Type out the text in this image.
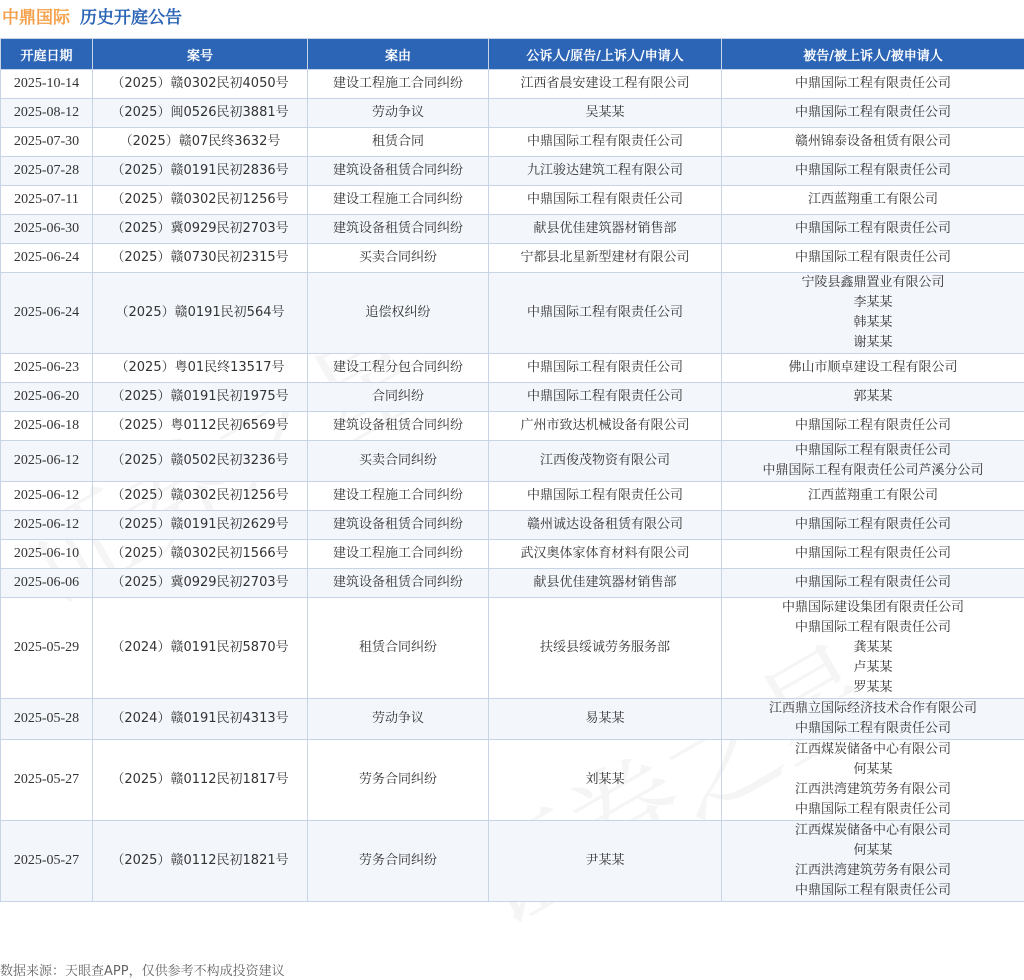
中鼎国际 历史开庭公告
开庭日期	案号	案由	公诉人/原告/上诉人/申请人	被告/被上诉人/被申请人
2025-10-14	（2025）赣0302民初4050号	建设工程施工合同纠纷	江西省晨安建设工程有限公司	中鼎国际工程有限责任公司

2025-08-12	（2025）闽0526民初3881号	劳动争议	吴某某	中鼎国际工程有限责任公司

2025-07-30	（2025）赣07民终3632号	租赁合同	中鼎国际工程有限责任公司	赣州锦泰设备租赁有限公司

2025-07-28	（2025）赣0191民初2836号	建筑设备租赁合同纠纷	九江骏达建筑工程有限公司	中鼎国际工程有限责任公司

2025-07-11	（2025）赣0302民初1256号	建设工程施工合同纠纷	中鼎国际工程有限责任公司	江西蓝翔重工有限公司

2025-06-30	（2025）冀0929民初2703号	建筑设备租赁合同纠纷	献县优佳建筑器材销售部	中鼎国际工程有限责任公司

2025-06-24	（2025）赣0730民初2315号	买卖合同纠纷	宁都县北星新型建材有限公司	中鼎国际工程有限责任公司

2025-06-24	（2025）赣0191民初564号	追偿权纠纷	中鼎国际工程有限责任公司	宁陵县鑫鼎置业有限公司
李某某
韩某某
谢某某

2025-06-23	（2025）粤01民终13517号	建设工程分包合同纠纷	中鼎国际工程有限责任公司	佛山市顺卓建设工程有限公司

2025-06-20	（2025）赣0191民初1975号	合同纠纷	中鼎国际工程有限责任公司	郭某某

2025-06-18	（2025）粤0112民初6569号	建筑设备租赁合同纠纷	广州市致达机械设备有限公司	中鼎国际工程有限责任公司

2025-06-12	（2025）赣0502民初3236号	买卖合同纠纷	江西俊茂物资有限公司	中鼎国际工程有限责任公司
中鼎国际工程有限责任公司芦溪分公司

2025-06-12	（2025）赣0302民初1256号	建设工程施工合同纠纷	中鼎国际工程有限责任公司	江西蓝翔重工有限公司

2025-06-12	（2025）赣0191民初2629号	建筑设备租赁合同纠纷	赣州诚达设备租赁有限公司	中鼎国际工程有限责任公司

2025-06-10	（2025）赣0302民初1566号	建设工程施工合同纠纷	武汉奥体家体育材料有限公司	中鼎国际工程有限责任公司

2025-06-06	（2025）冀0929民初2703号	建筑设备租赁合同纠纷	献县优佳建筑器材销售部	中鼎国际工程有限责任公司

2025-05-29	（2024）赣0191民初5870号	租赁合同纠纷	扶绥县绥诚劳务服务部	中鼎国际建设集团有限责任公司
中鼎国际工程有限责任公司
龚某某
卢某某
罗某某

2025-05-28	（2024）赣0191民初4313号	劳动争议	易某某	江西鼎立国际经济技术合作有限公司
中鼎国际工程有限责任公司

2025-05-27	（2025）赣0112民初1817号	劳务合同纠纷	刘某某	江西煤炭储备中心有限公司
何某某
江西洪湾建筑劳务有限公司
中鼎国际工程有限责任公司

2025-05-27	（2025）赣0112民初1821号	劳务合同纠纷	尹某某	江西煤炭储备中心有限公司
何某某
江西洪湾建筑劳务有限公司
中鼎国际工程有限责任公司
数据来源：天眼查APP，仅供参考不构成投资建议
